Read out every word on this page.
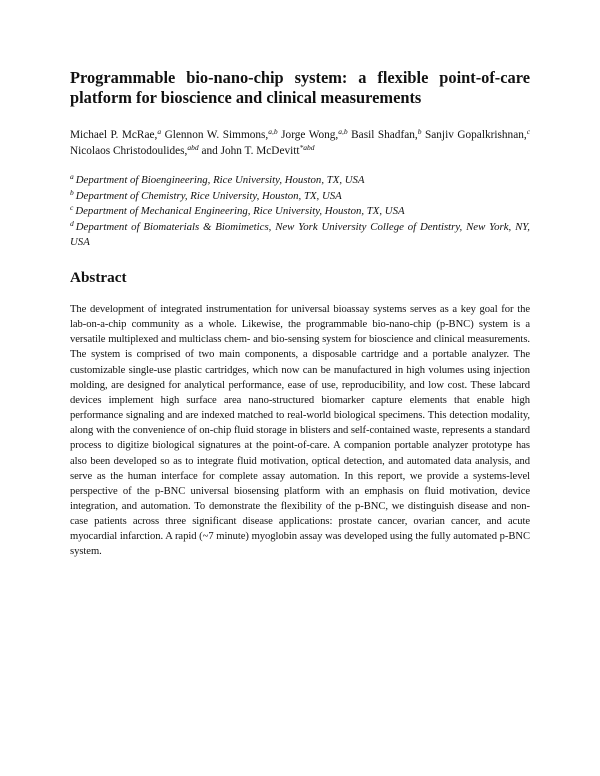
Programmable bio-nano-chip system: a flexible point-of-care platform for bioscience and clinical measurements
Michael P. McRae,$^a$ Glennon W. Simmons,$^{a,b}$ Jorge Wong,$^{a,b}$ Basil Shadfan,$^b$ Sanjiv Gopalkrishnan,$^c$ Nicolaos Christodoulides,$^{abd}$ and John T. McDevitt$^{*abd}$
$^a$ Department of Bioengineering, Rice University, Houston, TX, USA
$^b$ Department of Chemistry, Rice University, Houston, TX, USA
$^c$ Department of Mechanical Engineering, Rice University, Houston, TX, USA
$^d$ Department of Biomaterials & Biomimetics, New York University College of Dentistry, New York, NY, USA
Abstract

The development of integrated instrumentation for universal bioassay systems serves as a key goal for the lab-on-a-chip community as a whole. Likewise, the programmable bio-nano-chip (p-BNC) system is a versatile multiplexed and multiclass chem- and bio-sensing system for bioscience and clinical measurements. The system is comprised of two main components, a disposable cartridge and a portable analyzer. The customizable single-use plastic cartridges, which now can be manufactured in high volumes using injection molding, are designed for analytical performance, ease of use, reproducibility, and low cost. These labcard devices implement high surface area nano-structured biomarker capture elements that enable high performance signaling and are indexed matched to real-world biological specimens. This detection modality, along with the convenience of on-chip fluid storage in blisters and self-contained waste, represents a standard process to digitize biological signatures at the point-of-care. A companion portable analyzer prototype has also been developed so as to integrate fluid motivation, optical detection, and automated data analysis, and serve as the human interface for complete assay automation. In this report, we provide a systems-level perspective of the p-BNC universal biosensing platform with an emphasis on fluid motivation, device integration, and automation. To demonstrate the flexibility of the p-BNC, we distinguish disease and non-case patients across three significant disease applications: prostate cancer, ovarian cancer, and acute myocardial infarction. A rapid (~7 minute) myoglobin assay was developed using the fully automated p-BNC system.
